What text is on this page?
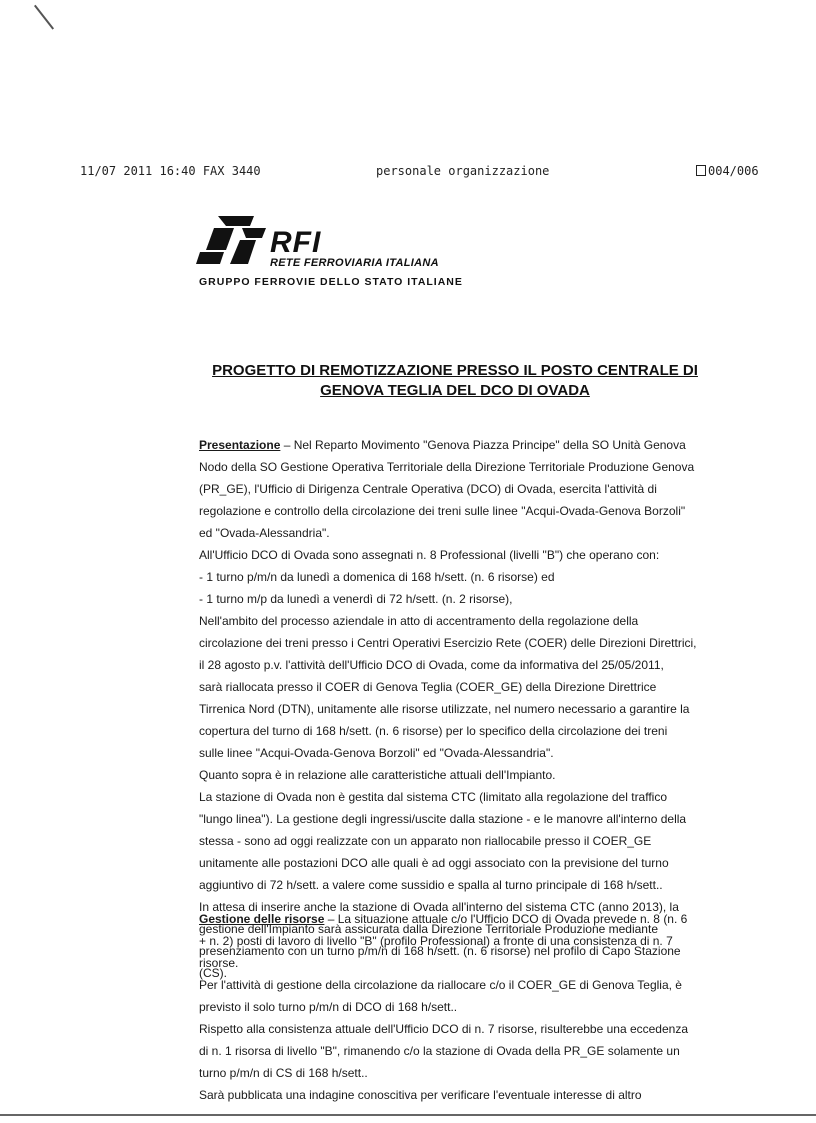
11/07 2011 16:40 FAX 3440	personale organizzazione	004/006
RFI
RETE FERROVIARIA ITALIANA
GRUPPO FERROVIE DELLO STATO ITALIANE
PROGETTO DI REMOTIZZAZIONE PRESSO IL POSTO CENTRALE DI
GENOVA TEGLIA DEL DCO DI OVADA
Presentazione – Nel Reparto Movimento "Genova Piazza Principe" della SO Unità Genova
Nodo della SO Gestione Operativa Territoriale della Direzione Territoriale Produzione Genova
(PR_GE), l'Ufficio di Dirigenza Centrale Operativa (DCO) di Ovada, esercita l'attività di
regolazione e controllo della circolazione dei treni sulle linee "Acqui-Ovada-Genova Borzoli"
ed "Ovada-Alessandria".
All'Ufficio DCO di Ovada sono assegnati n. 8 Professional (livelli "B") che operano con:
- 1 turno p/m/n da lunedì a domenica di 168 h/sett. (n. 6 risorse) ed
- 1 turno m/p da lunedì a venerdì di 72 h/sett. (n. 2 risorse),
Nell'ambito del processo aziendale in atto di accentramento della regolazione della
circolazione dei treni presso i Centri Operativi Esercizio Rete (COER) delle Direzioni Direttrici,
il 28 agosto p.v. l'attività dell'Ufficio DCO di Ovada, come da informativa del 25/05/2011,
sarà riallocata presso il COER di Genova Teglia (COER_GE) della Direzione Direttrice
Tirrenica Nord (DTN), unitamente alle risorse utilizzate, nel numero necessario a garantire la
copertura del turno di 168 h/sett. (n. 6 risorse) per lo specifico della circolazione dei treni
sulle linee "Acqui-Ovada-Genova Borzoli" ed "Ovada-Alessandria".
Quanto sopra è in relazione alle caratteristiche attuali dell'Impianto.
La stazione di Ovada non è gestita dal sistema CTC (limitato alla regolazione del traffico
"lungo linea"). La gestione degli ingressi/uscite dalla stazione - e le manovre all'interno della
stessa - sono ad oggi realizzate con un apparato non riallocabile presso il COER_GE
unitamente alle postazioni DCO alle quali è ad oggi associato con la previsione del turno
aggiuntivo di 72 h/sett. a valere come sussidio e spalla al turno principale di 168 h/sett..
In attesa di inserire anche la stazione di Ovada all'interno del sistema CTC (anno 2013), la
gestione dell'Impianto sarà assicurata dalla Direzione Territoriale Produzione mediante
presenziamento con un turno p/m/n di 168 h/sett. (n. 6 risorse) nel profilo di Capo Stazione
(CS).
Gestione delle risorse – La situazione attuale c/o l'Ufficio DCO di Ovada prevede n. 8 (n. 6
+ n. 2) posti di lavoro di livello "B" (profilo Professional) a fronte di una consistenza di n. 7
risorse.
Per l'attività di gestione della circolazione da riallocare c/o il COER_GE di Genova Teglia, è
previsto il solo turno p/m/n di DCO di 168 h/sett..
Rispetto alla consistenza attuale dell'Ufficio DCO di n. 7 risorse, risulterebbe una eccedenza
di n. 1 risorsa di livello "B", rimanendo c/o la stazione di Ovada della PR_GE solamente un
turno p/m/n di CS di 168 h/sett..
Sarà pubblicata una indagine conoscitiva per verificare l'eventuale interesse di altro
